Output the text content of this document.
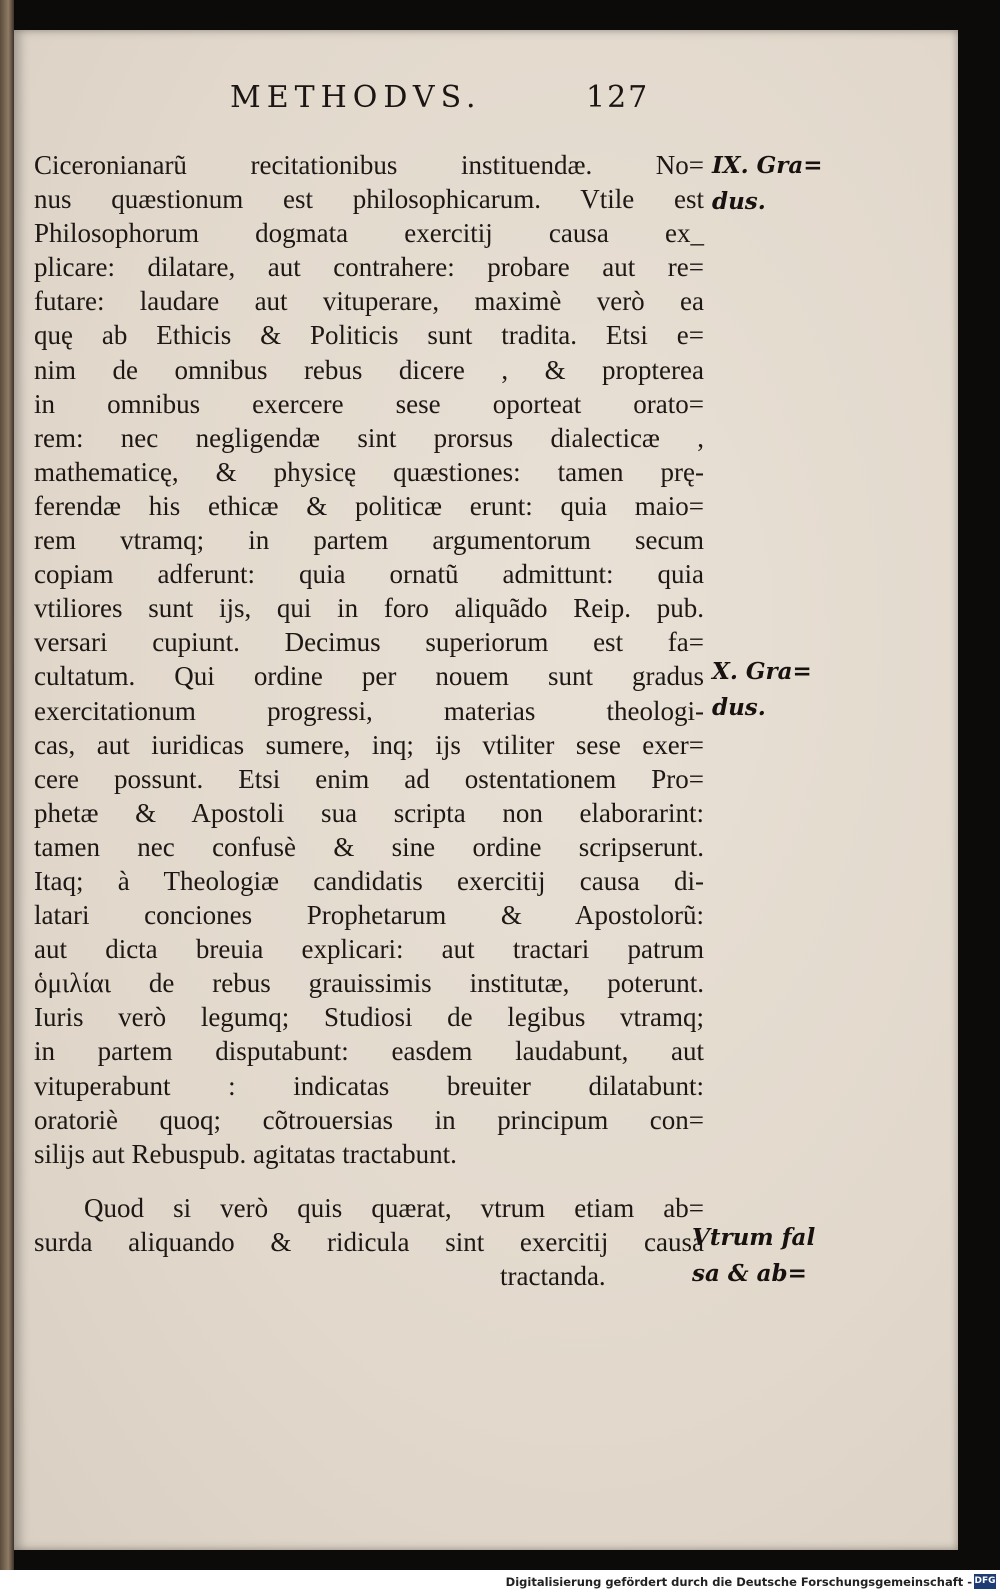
METHODVS.	127
Ciceronianarũ recitationibus instituendæ. No=
nus quæstionum est philosophicarum. Vtile est
Philosophorum dogmata exercitij causa ex_
plicare: dilatare, aut contrahere: probare aut re=
futare: laudare aut vituperare, maximè verò ea
quę ab Ethicis & Politicis sunt tradita. Etsi e=
nim de omnibus rebus dicere , & propterea
in omnibus exercere sese oporteat orato=
rem: nec negligendæ sint prorsus dialecticæ ,
mathematicę, & physicę quæstiones: tamen prę-
ferendæ his ethicæ & politicæ erunt: quia maio=
rem vtramq; in partem argumentorum secum
copiam adferunt: quia ornatũ admittunt: quia
vtiliores sunt ijs, qui in foro aliquãdo Reip. pub.
versari cupiunt. Decimus superiorum est fa=
cultatum. Qui ordine per nouem sunt gradus
exercitationum progressi, materias theologi-
cas, aut iuridicas sumere, inq; ijs vtiliter sese exer=
cere possunt. Etsi enim ad ostentationem Pro=
phetæ & Apostoli sua scripta non elaborarint:
tamen nec confusè & sine ordine scripserunt.
Itaq; à Theologiæ candidatis exercitij causa di-
latari conciones Prophetarum & Apostolorũ:
aut dicta breuia explicari: aut tractari patrum
ὁμιλίαι de rebus grauissimis institutæ, poterunt.
Iuris verò legumq; Studiosi de legibus vtramq;
in partem disputabunt: easdem laudabunt, aut
vituperabunt : indicatas breuiter dilatabunt:
oratoriè quoq; cõtrouersias in principum con=
silijs aut Rebuspub. agitatas tractabunt.
Quod si verò quis quærat, vtrum etiam ab=
surda aliquando & ridicula sint exercitij causa
tractanda.
IX. Gra=
dus.
X. Gra=
dus.
Vtrum fal
sa & ab=
Digitalisierung gefördert durch die Deutsche Forschungsgemeinschaft - DFG
